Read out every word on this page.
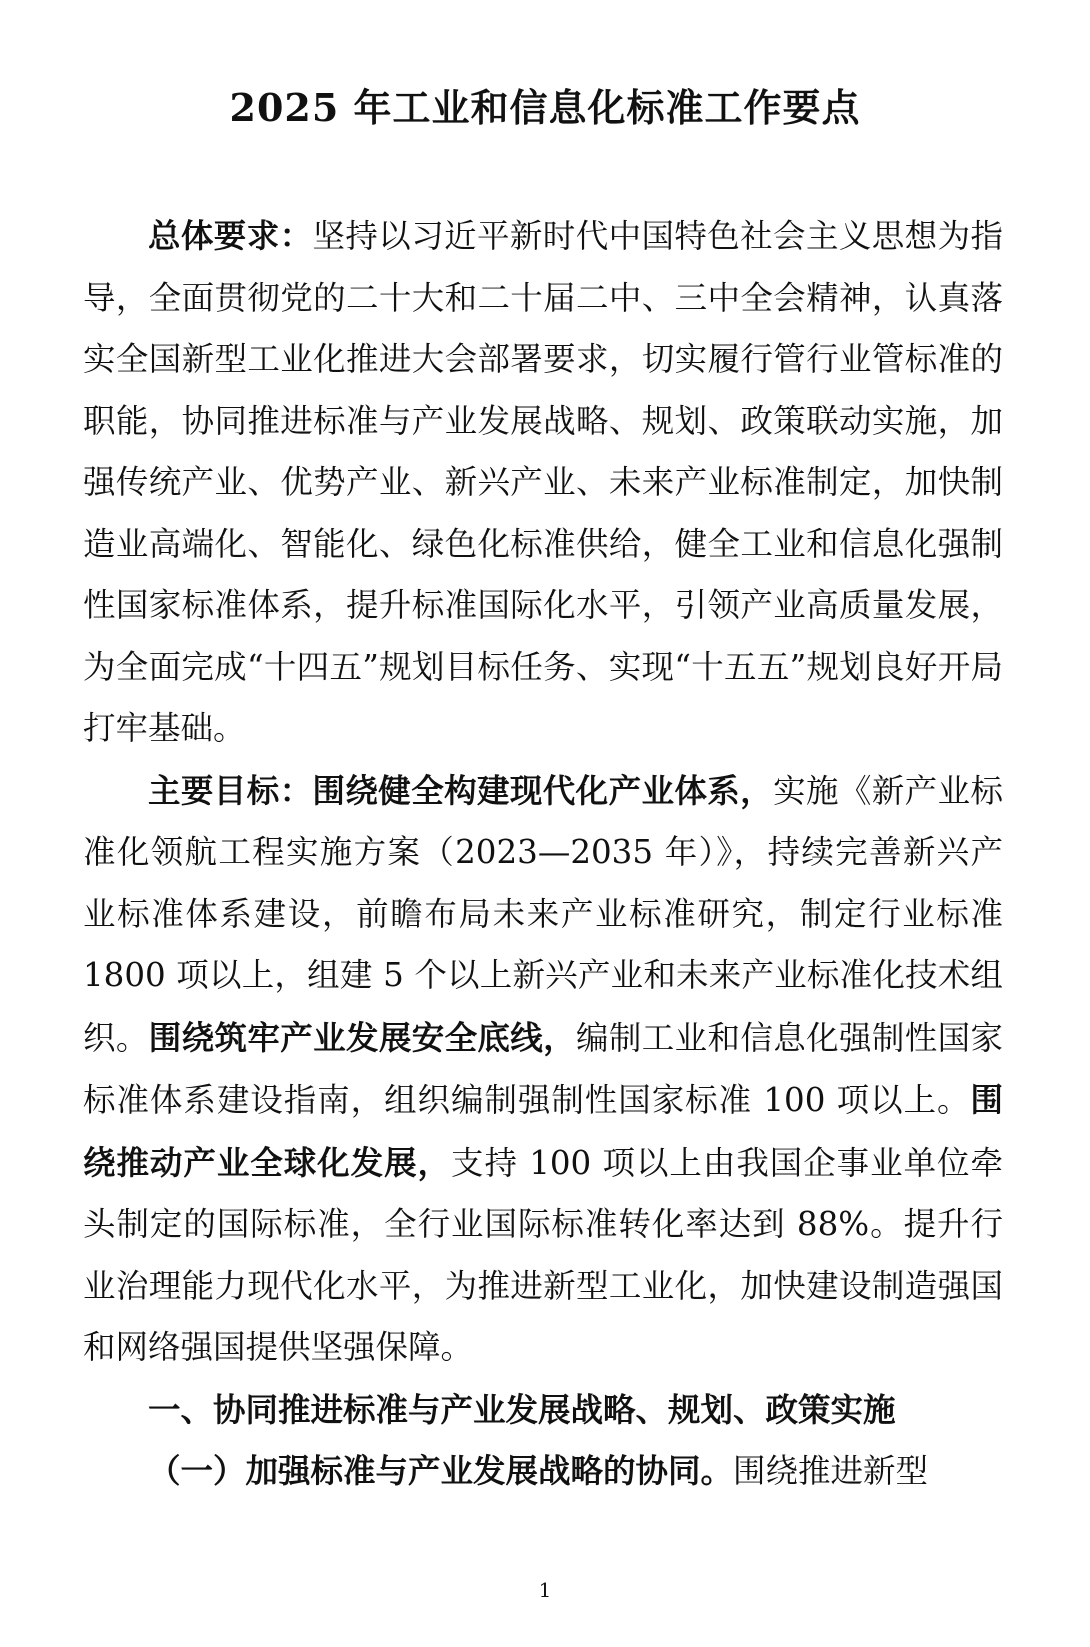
2025 年工业和信息化标准工作要点

总体要求：坚持以习近平新时代中国特色社会主义思想为指导，全面贯彻党的二十大和二十届二中、三中全会精神，认真落实全国新型工业化推进大会部署要求，切实履行管行业管标准的职能，协同推进标准与产业发展战略、规划、政策联动实施，加强传统产业、优势产业、新兴产业、未来产业标准制定，加快制造业高端化、智能化、绿色化标准供给，健全工业和信息化强制性国家标准体系，提升标准国际化水平，引领产业高质量发展，为全面完成“十四五”规划目标任务、实现“十五五”规划良好开局打牢基础。

主要目标：围绕健全构建现代化产业体系，实施《新产业标准化领航工程实施方案（2023—2035 年）》，持续完善新兴产业标准体系建设，前瞻布局未来产业标准研究，制定行业标准 1800 项以上，组建 5 个以上新兴产业和未来产业标准化技术组织。围绕筑牢产业发展安全底线，编制工业和信息化强制性国家标准体系建设指南，组织编制强制性国家标准 100 项以上。围绕推动产业全球化发展，支持 100 项以上由我国企事业单位牵头制定的国际标准，全行业国际标准转化率达到 88%。提升行业治理能力现代化水平，为推进新型工业化，加快建设制造强国和网络强国提供坚强保障。

一、协同推进标准与产业发展战略、规划、政策实施

（一）加强标准与产业发展战略的协同。围绕推进新型

1
